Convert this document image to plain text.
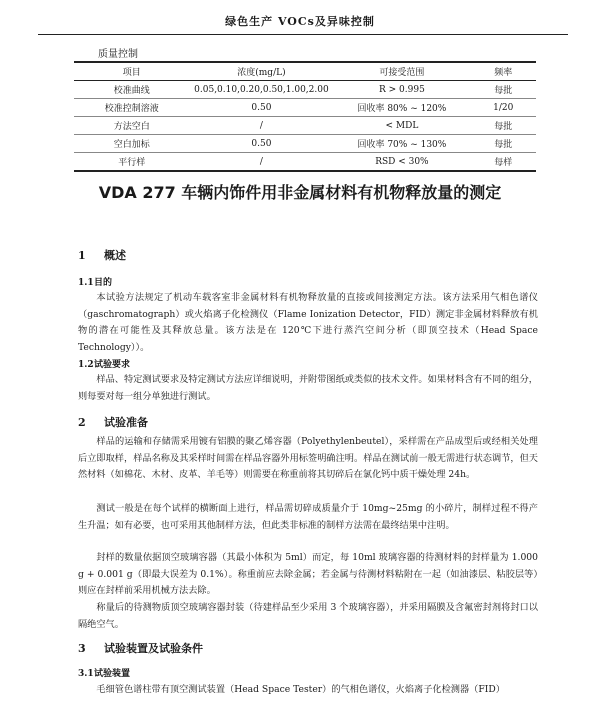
绿色生产 VOCs及异味控制
质量控制
项目	浓度(mg/L)	可接受范围	频率
校准曲线	0.05,0.10,0.20,0.50,1.00,2.00	R > 0.995	每批
校准控制溶液	0.50	回收率 80% ~ 120%	1/20
方法空白	/	< MDL	每批
空白加标	0.50	回收率 70% ~ 130%	每批
平行样	/	RSD < 30%	每样
VDA 277 车辆内饰件用非金属材料有机物释放量的测定
1 概述
1.1目的
本试验方法规定了机动车载客室非金属材料有机物释放量的直接或间接测定方法。该方法采用气相色谱仪（gaschromatograph）或火焰离子化检测仪（Flame Ionization Detector，FID）测定非金属材料释放有机物的潜在可能性及其释放总量。该方法是在 120℃下进行蒸汽空间分析（即顶空技术（Head Space Technology））。
1.2试验要求
样品、特定测试要求及特定测试方法应详细说明，并附带图纸或类似的技术文件。如果材料含有不同的组分，则每要对每一组分单独进行测试。
2 试验准备
样品的运输和存储需采用镀有铝膜的聚乙烯容器（Polyethylenbeutel），采样需在产品成型后或经相关处理后立即取样，样品名称及其采样时间需在样品容器外用标签明确注明。样品在测试前一般无需进行状态调节，但天然材料（如棉花、木材、皮革、羊毛等）则需要在称重前将其切碎后在氯化钙中质干燥处理 24h。
测试一般是在每个试样的横断面上进行，样品需切碎成质量介于 10mg~25mg 的小碎片，制样过程不得产生升温；如有必要，也可采用其他制样方法，但此类非标准的制样方法需在最终结果中注明。
封样的数量依据顶空玻璃容器（其最小体积为 5ml）而定，每 10ml 玻璃容器的待测材料的封样量为 1.000 g + 0.001 g（即最大误差为 0.1%）。称重前应去除金属；若金属与待测材料粘附在一起（如油漆层、粘胶层等）则应在封样前采用机械方法去除。
称量后的待测物质顶空玻璃容器封装（待建样品至少采用 3 个玻璃容器），并采用隔膜及含氟密封剂将封口以隔绝空气。
3 试验装置及试验条件
3.1试验装置
毛细管色谱柱带有顶空测试装置（Head Space Tester）的气相色谱仪，火焰离子化检测器（FID）
